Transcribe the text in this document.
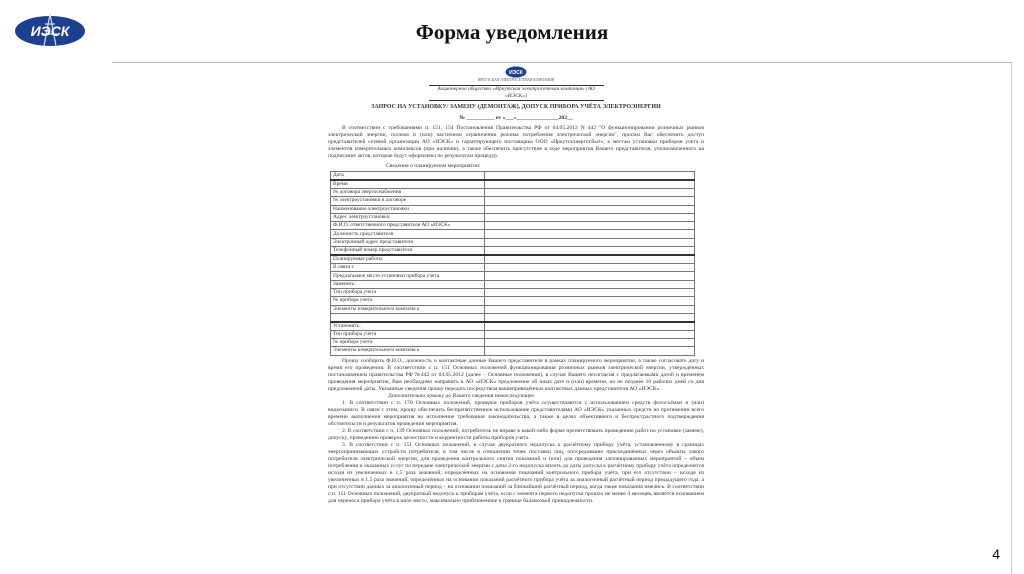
ИЭСК	Форма уведомления
ИЭСК
ИРКУТСКАЯ ЭЛЕКТРОСЕТЕВАЯ КОМПАНИЯ
Акционерное общество «Иркутская электросетевая компания» (АО «ИЭСК»)
ЗАПРОС НА УСТАНОВКУ/ ЗАМЕНУ (ДЕМОНТАЖ), ДОПУСК ПРИБОРА УЧЁТА ЭЛЕКТРОЭНЕРГИИ
№ __________ от «___»_______________202__
В соответствии с требованиями п. 151, 154 Постановления Правительства РФ от 04.05.2012 N 442 "О функционировании розничных рынков электрической энергии, полном и (или) частичном ограничении режима потребления электрической энергии", просим Вас обеспечить доступ представителей сетевой организации АО «ИЭСК» и гарантирующего поставщика ООО «Иркутскэнергосбыт», к местам установки приборов учета и элементов измерительных комплексов (при наличии), а также обеспечить присутствие в ходе мероприятия Вашего представителя, уполномоченного на подписание актов, которые будут оформлены по результатам процедур.
Сведения о планируемом мероприятии:
Дата	
Время	
№ договора энергоснабжения	
№ электроустановки в договоре	
Наименование электроустановки	
Адрес электроустановки	
Ф.И.О. ответственного представителя АО «ИЭСК»	
Должность представителя	
Электронный адрес представителя	
Телефонный номер представителя	
Планируемые работы	
В связи с	
Предлагаемое место установки прибора учета	
Заменить:	
Тип прибора учета	
№ прибора учета	
Элементы измерительного комплекса	

Установить:	
Тип прибора учета	
№ прибора учета	
Элементы измерительного комплекса	
Прошу сообщить Ф.И.О., должность и контактные данные Вашего представителя в рамках планируемого мероприятия, а также согласовать дату и время его проведения. В соответствии с п. 151 Основных положений функционирования розничных рынков электрической энергии, утверждённых постановлением правительства РФ №442 от 04.05.2012 (далее – Основные положения), в случае Вашего несогласия с предлагаемыми датой и временем проведения мероприятия, Вам необходимо направить в АО «ИЭСК» предложение об иных дате и (или) времени, но не позднее 10 рабочих дней со дня предложенной даты. Указанные сведения прошу передать посредством вышеприведённых контактных данных представителя АО «ИЭСК».
Дополнительно довожу до Вашего сведения нижеследующее.
1. В соответствии с п. 170 Основных положений, проверки приборов учёта осуществляются с использованием средств фотосъёмки и (или) видеозаписи. В связи с этим, прошу обеспечить беспрепятственное использование представителями АО «ИЭСК» указанных средств на протяжении всего времени выполнения мероприятия во исполнение требования законодательства, а также в целях объективного и беспристрастного подтверждения обстоятельств и результатов проведения мероприятия.
2. В соответствии с п. 139 Основных положений, потребитель не вправе в какой-либо форме препятствовать проведению работ по установке (замене), допуску, проведению проверок целостности и корректности работы приборов учета.
3. В соответствии с п. 151 Основных положений, в случае двукратного недопуска к расчётному прибору учёта, установленному в границах энергопринимающих устройств потребителя, в том числе в отношении точек поставки лиц, опосредованно присоединённых через объекты такого потребителя электрической энергии, для проведения контрольного снятия показаний и (или) для проведения запланированных мероприятий – объем потребления и оказанных услуг по передаче электрической энергии с даты 2-го недопуска вплоть до даты допуска к расчётному прибору учёта определяется исходя из увеличенных в 1,5 раза значений, определённых на основании показаний контрольного прибора учёта, при его отсутствии – исходя из увеличенных в 1,5 раза значений, определённых на основании показаний расчётного прибора учёта за аналогичный расчётный период предыдущего года, а при отсутствии данных за аналогичный период – на основании показаний за ближайший расчётный период, когда такие показания имелись. В соответствии с п. 151 Основных положений, двукратный недопуск к приборам учёта, если с момента первого недопуска прошло не менее 4 месяцев, является основанием для переноса прибора учёта в иное место, максимально приближенное к границе балансовой принадлежности.
4
